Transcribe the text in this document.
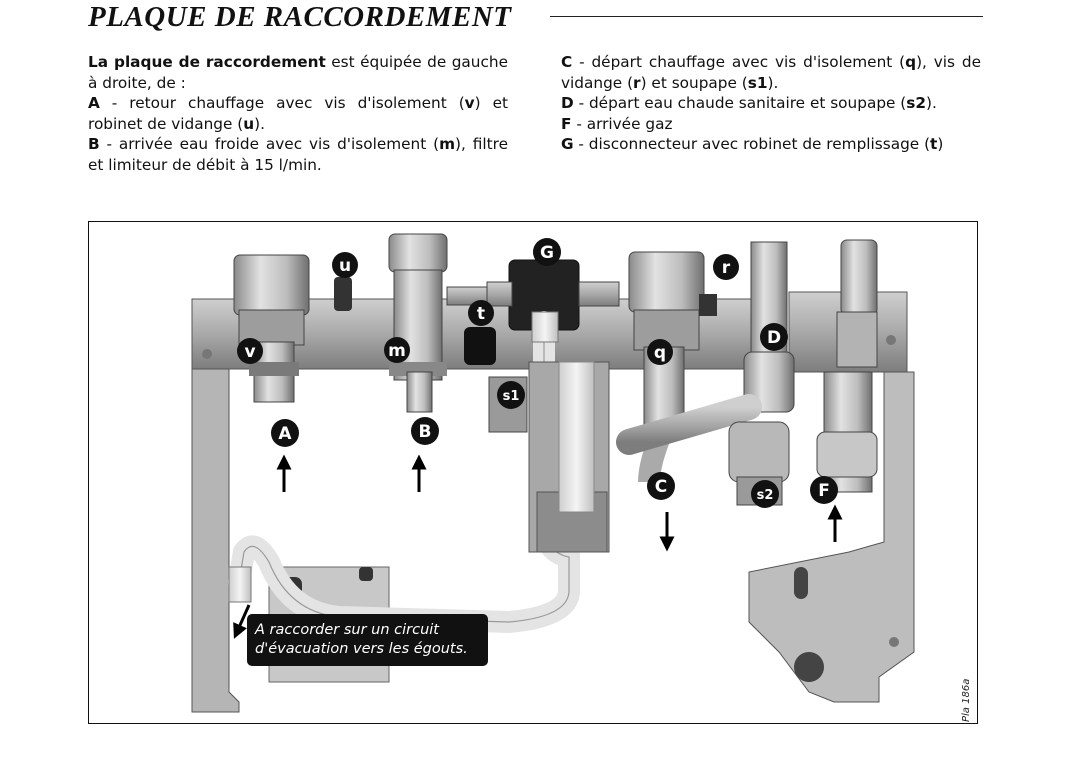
PLAQUE DE RACCORDEMENT

La plaque de raccordement est équipée de gauche à droite, de :

A - retour chauffage avec vis d'isolement (v) et robinet de vidange (u).

B - arrivée eau froide avec vis d'isolement (m), filtre et limiteur de débit à 15 l/min.

C - départ chauffage avec vis d'isolement (q), vis de vidange (r) et soupape (s1).

D - départ eau chaude sanitaire et soupape (s2).

F - arrivée gaz

G - disconnecteur avec robinet de remplissage (t)

u
v	m
t
G
r
q
D
s1
s2
A	B
C	F
A raccorder sur un circuit
d'évacuation vers les égouts.
Pla 186a
